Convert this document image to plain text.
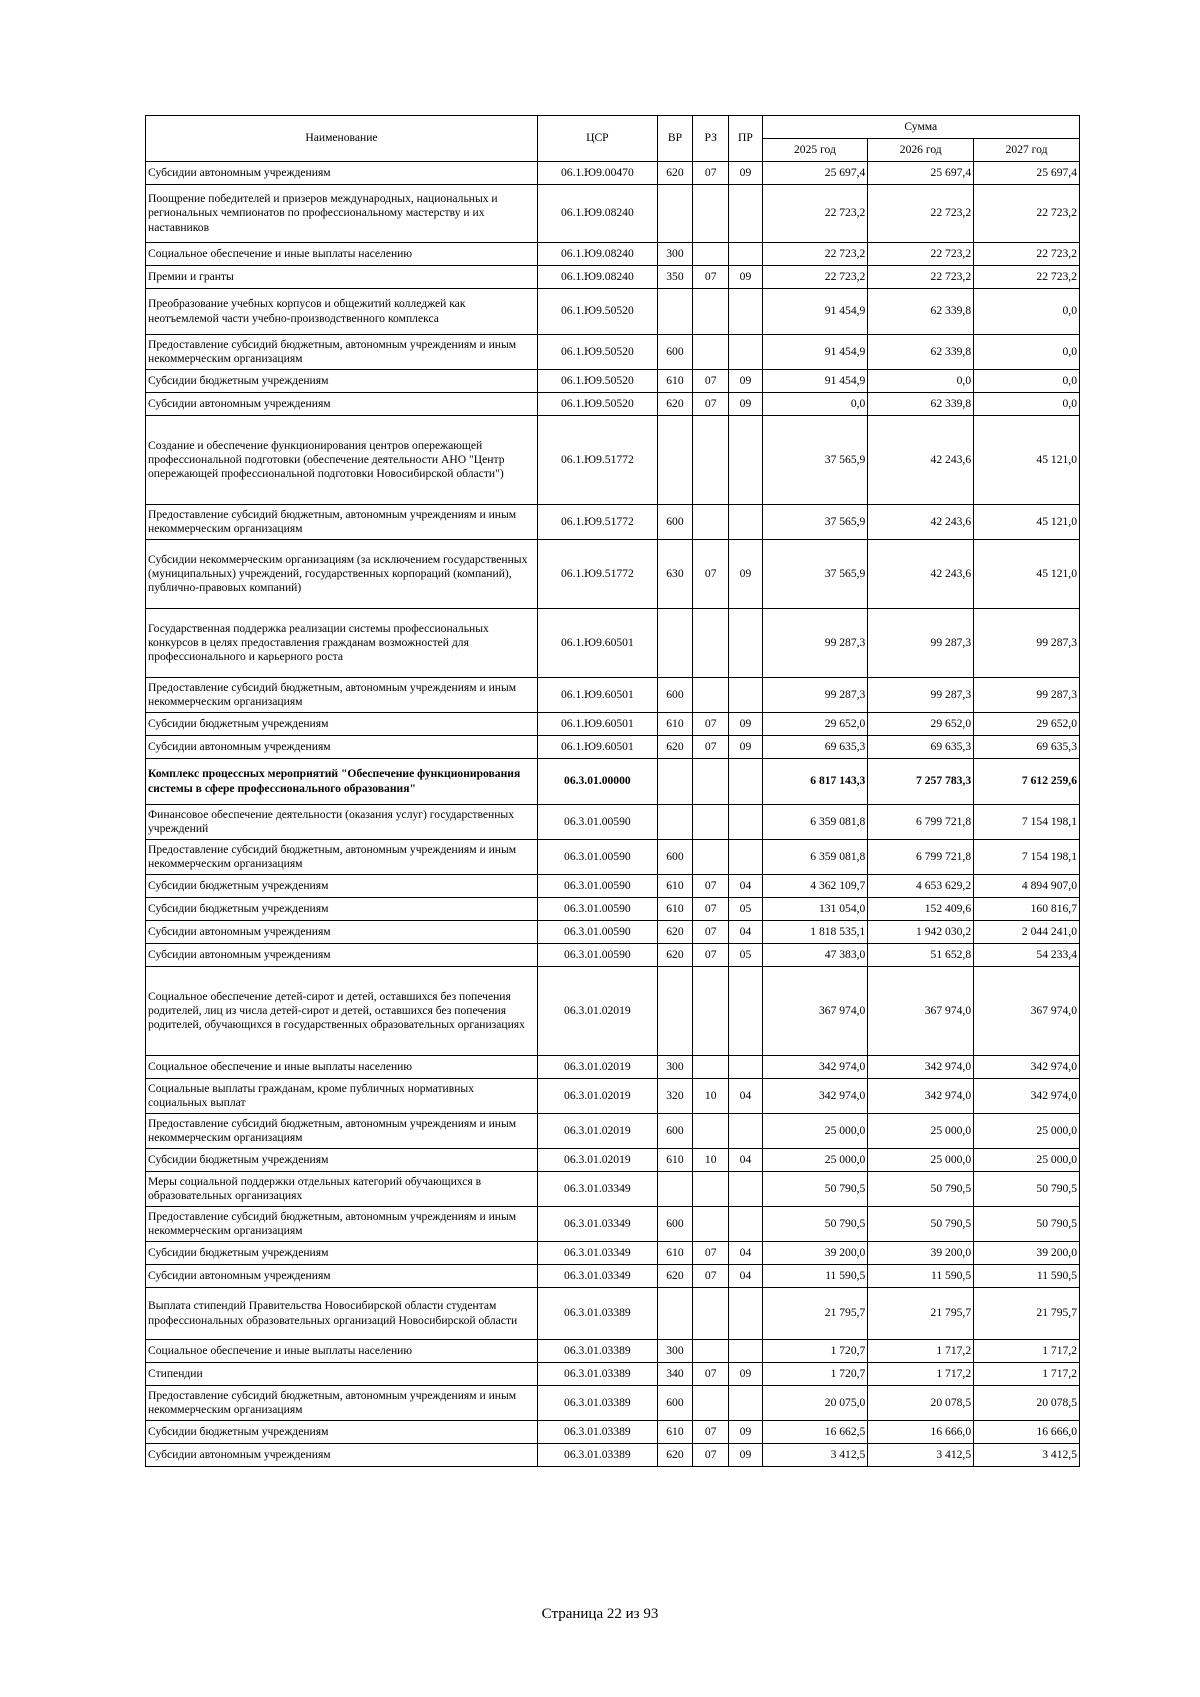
Наименование	ЦСР	ВР	РЗ	ПР	Сумма		
					2025 год	2026 год	2027 год
Субсидии автономным учреждениям	06.1.Ю9.00470	620	07	09	25 697,4	25 697,4	25 697,4
Поощрение победителей и призеров международных, национальных и региональных чемпионатов по профессиональному мастерству и их наставников	06.1.Ю9.08240				22 723,2	22 723,2	22 723,2
Социальное обеспечение и иные выплаты населению	06.1.Ю9.08240	300			22 723,2	22 723,2	22 723,2
Премии и гранты	06.1.Ю9.08240	350	07	09	22 723,2	22 723,2	22 723,2
Преобразование учебных корпусов и общежитий колледжей как неотъемлемой части учебно-производственного комплекса	06.1.Ю9.50520				91 454,9	62 339,8	0,0
Предоставление субсидий бюджетным, автономным учреждениям и иным некоммерческим организациям	06.1.Ю9.50520	600			91 454,9	62 339,8	0,0
Субсидии бюджетным учреждениям	06.1.Ю9.50520	610	07	09	91 454,9	0,0	0,0
Субсидии автономным учреждениям	06.1.Ю9.50520	620	07	09	0,0	62 339,8	0,0
Создание и обеспечение функционирования центров опережающей профессиональной подготовки (обеспечение деятельности АНО "Центр опережающей профессиональной подготовки Новосибирской области")	06.1.Ю9.51772				37 565,9	42 243,6	45 121,0
Предоставление субсидий бюджетным, автономным учреждениям и иным некоммерческим организациям	06.1.Ю9.51772	600			37 565,9	42 243,6	45 121,0
Субсидии некоммерческим организациям (за исключением государственных (муниципальных) учреждений, государственных корпораций (компаний), публично-правовых компаний)	06.1.Ю9.51772	630	07	09	37 565,9	42 243,6	45 121,0
Государственная поддержка реализации системы профессиональных конкурсов в целях предоставления гражданам возможностей для профессионального и карьерного роста	06.1.Ю9.60501				99 287,3	99 287,3	99 287,3
Предоставление субсидий бюджетным, автономным учреждениям и иным некоммерческим организациям	06.1.Ю9.60501	600			99 287,3	99 287,3	99 287,3
Субсидии бюджетным учреждениям	06.1.Ю9.60501	610	07	09	29 652,0	29 652,0	29 652,0
Субсидии автономным учреждениям	06.1.Ю9.60501	620	07	09	69 635,3	69 635,3	69 635,3
Комплекс процессных мероприятий "Обеспечение функционирования системы в сфере профессионального образования"	06.3.01.00000				6 817 143,3	7 257 783,3	7 612 259,6
Финансовое обеспечение деятельности (оказания услуг) государственных учреждений	06.3.01.00590				6 359 081,8	6 799 721,8	7 154 198,1
Предоставление субсидий бюджетным, автономным учреждениям и иным некоммерческим организациям	06.3.01.00590	600			6 359 081,8	6 799 721,8	7 154 198,1
Субсидии бюджетным учреждениям	06.3.01.00590	610	07	04	4 362 109,7	4 653 629,2	4 894 907,0
Субсидии бюджетным учреждениям	06.3.01.00590	610	07	05	131 054,0	152 409,6	160 816,7
Субсидии автономным учреждениям	06.3.01.00590	620	07	04	1 818 535,1	1 942 030,2	2 044 241,0
Субсидии автономным учреждениям	06.3.01.00590	620	07	05	47 383,0	51 652,8	54 233,4
Социальное обеспечение детей-сирот и детей, оставшихся без попечения родителей, лиц из числа детей-сирот и детей, оставшихся без попечения родителей, обучающихся в государственных образовательных организациях	06.3.01.02019				367 974,0	367 974,0	367 974,0
Социальное обеспечение и иные выплаты населению	06.3.01.02019	300			342 974,0	342 974,0	342 974,0
Социальные выплаты гражданам, кроме публичных нормативных социальных выплат	06.3.01.02019	320	10	04	342 974,0	342 974,0	342 974,0
Предоставление субсидий бюджетным, автономным учреждениям и иным некоммерческим организациям	06.3.01.02019	600			25 000,0	25 000,0	25 000,0
Субсидии бюджетным учреждениям	06.3.01.02019	610	10	04	25 000,0	25 000,0	25 000,0
Меры социальной поддержки отдельных категорий обучающихся в образовательных организациях	06.3.01.03349				50 790,5	50 790,5	50 790,5
Предоставление субсидий бюджетным, автономным учреждениям и иным некоммерческим организациям	06.3.01.03349	600			50 790,5	50 790,5	50 790,5
Субсидии бюджетным учреждениям	06.3.01.03349	610	07	04	39 200,0	39 200,0	39 200,0
Субсидии автономным учреждениям	06.3.01.03349	620	07	04	11 590,5	11 590,5	11 590,5
Выплата стипендий Правительства Новосибирской области студентам профессиональных образовательных организаций Новосибирской области	06.3.01.03389				21 795,7	21 795,7	21 795,7
Социальное обеспечение и иные выплаты населению	06.3.01.03389	300			1 720,7	1 717,2	1 717,2
Стипендии	06.3.01.03389	340	07	09	1 720,7	1 717,2	1 717,2
Предоставление субсидий бюджетным, автономным учреждениям и иным некоммерческим организациям	06.3.01.03389	600			20 075,0	20 078,5	20 078,5
Субсидии бюджетным учреждениям	06.3.01.03389	610	07	09	16 662,5	16 666,0	16 666,0
Субсидии автономным учреждениям	06.3.01.03389	620	07	09	3 412,5	3 412,5	3 412,5
Страница 22 из 93
